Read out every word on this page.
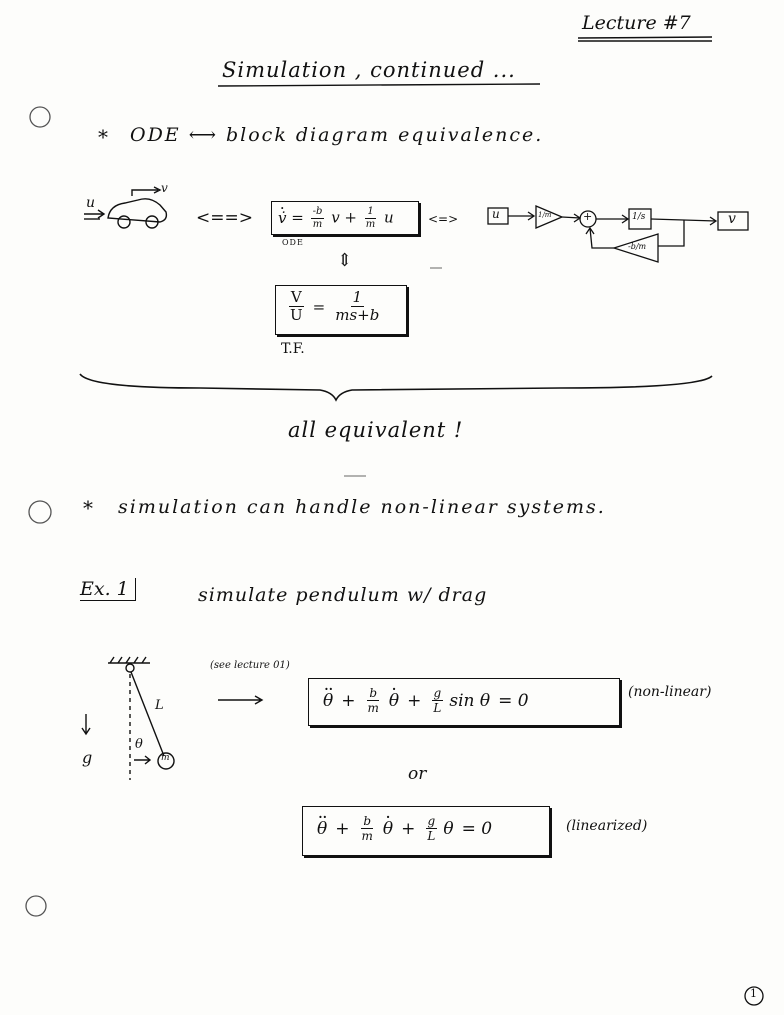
Lecture #7
Simulation , continued ...
* ODE ⟷ block diagram equivalence.
u
v
<==>
· v̇ = $\frac{-b}{m}$ $v + \frac{1}{m}$ u
ODE
<=>
⇕
u	1/m	+	1/s
-b/m
v
$\frac{V}{U} = \frac{1}{ms+b}$
T.F.
all equivalent !
* simulation can handle non-linear systems.
Ex. 1	simulate pendulum w/ drag
L
g
θ
m
(see lecture 01)
·· $\theta + \frac{b}{m}$
· $\theta + \frac{g}{L}$ sin θ = 0	(non-linear)
or
·· $\theta + \frac{b}{m}$
· $\theta + \frac{g}{L}$ θ = 0	(linearized)
1
